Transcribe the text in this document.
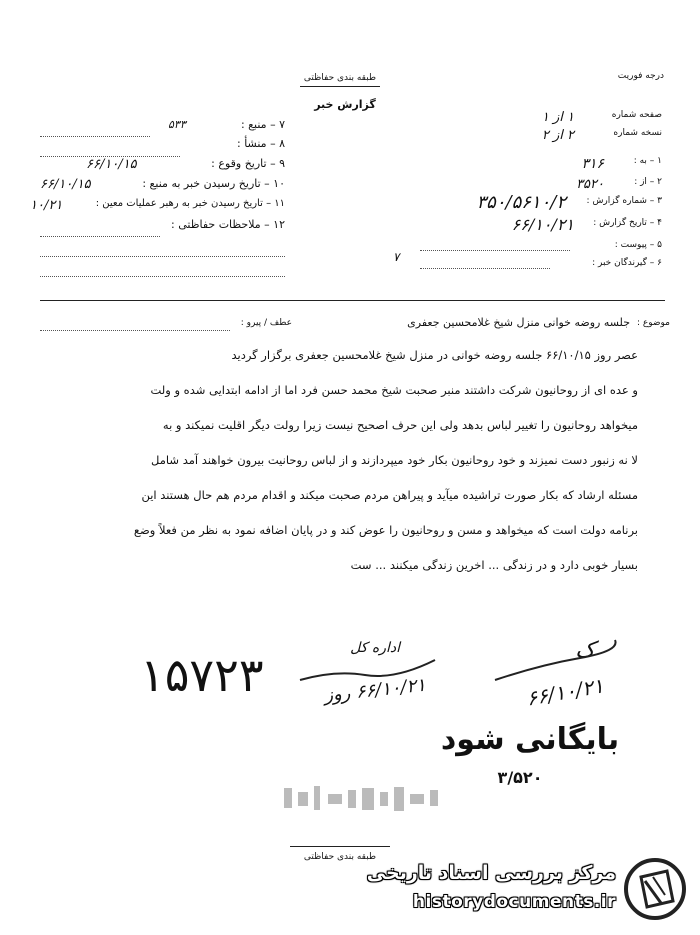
طبقه بندی حفاظتی	درجه فوریت
گزارش خبر
۷ – منبع :
۵۳۳
۸ – منشأ :
۹ – تاریخ وقوع :
۶۶/۱۰/۱۵
۱۰ – تاریخ رسیدن خبر به منبع :
۶۶/۱۰/۱۵
۱۱ – تاریخ رسیدن خبر به رهبر عملیات معین :
۱۰/۲۱
۱۲ – ملاحظات حفاظتی :
صفحه شماره
۱ از ۱
نسخه شماره
۲ از ۲
۱ – به :
۳۱۶
۲ – از :
۳۵۲۰
۳ – شماره گزارش :
۳۵۰/۵۶۱۰/۲
۴ – تاریخ گزارش :
۶۶/۱۰/۲۱
۵ – پیوست :
۶ – گیرندگان خبر :
۷
عطف / پیرو :	موضوع :
جلسه روضه خوانی منزل شیخ غلامحسین جعفری
عصر روز ۶۶/۱۰/۱۵ جلسه روضه خوانی در منزل شیخ غلامحسین جعفری برگزار گردید
و عده ای از روحانیون شرکت داشتند منبر صحبت شیخ محمد حسن فرد اما از ادامه ابتدایی شده و ولت
میخواهد روحانیون را تغییر لباس بدهد ولی این حرف اصحیح نیست زیرا رولت دیگر اقلیت نمیکند و به
لا نه زنبور دست نمیزند و خود روحانیون بکار خود میپردازند و از لباس روحانیت بیرون خواهند آمد شامل
مسئله ارشاد که بکار صورت تراشیده میآید و پیراهن مردم صحبت میکند و اقدام مردم هم حال هستند این
برنامه دولت است که میخواهد و مسن و روحانیون را عوض کند و در پایان اضافه نمود به نظر من فعلاً وضع
بسیار خوبی دارد و در زندگی ... اخرین زندگی میکنند ... ست
۱۵۷۲۳	اداره کل
۶۶/۱۰/۲۱ روز
ک
۶۶/۱۰/۲۱
بایگانی شود
۳/۵۲۰
طبقه بندی حفاظتی
مرکز بررسی اسناد تاریخی
historydocuments.ir
